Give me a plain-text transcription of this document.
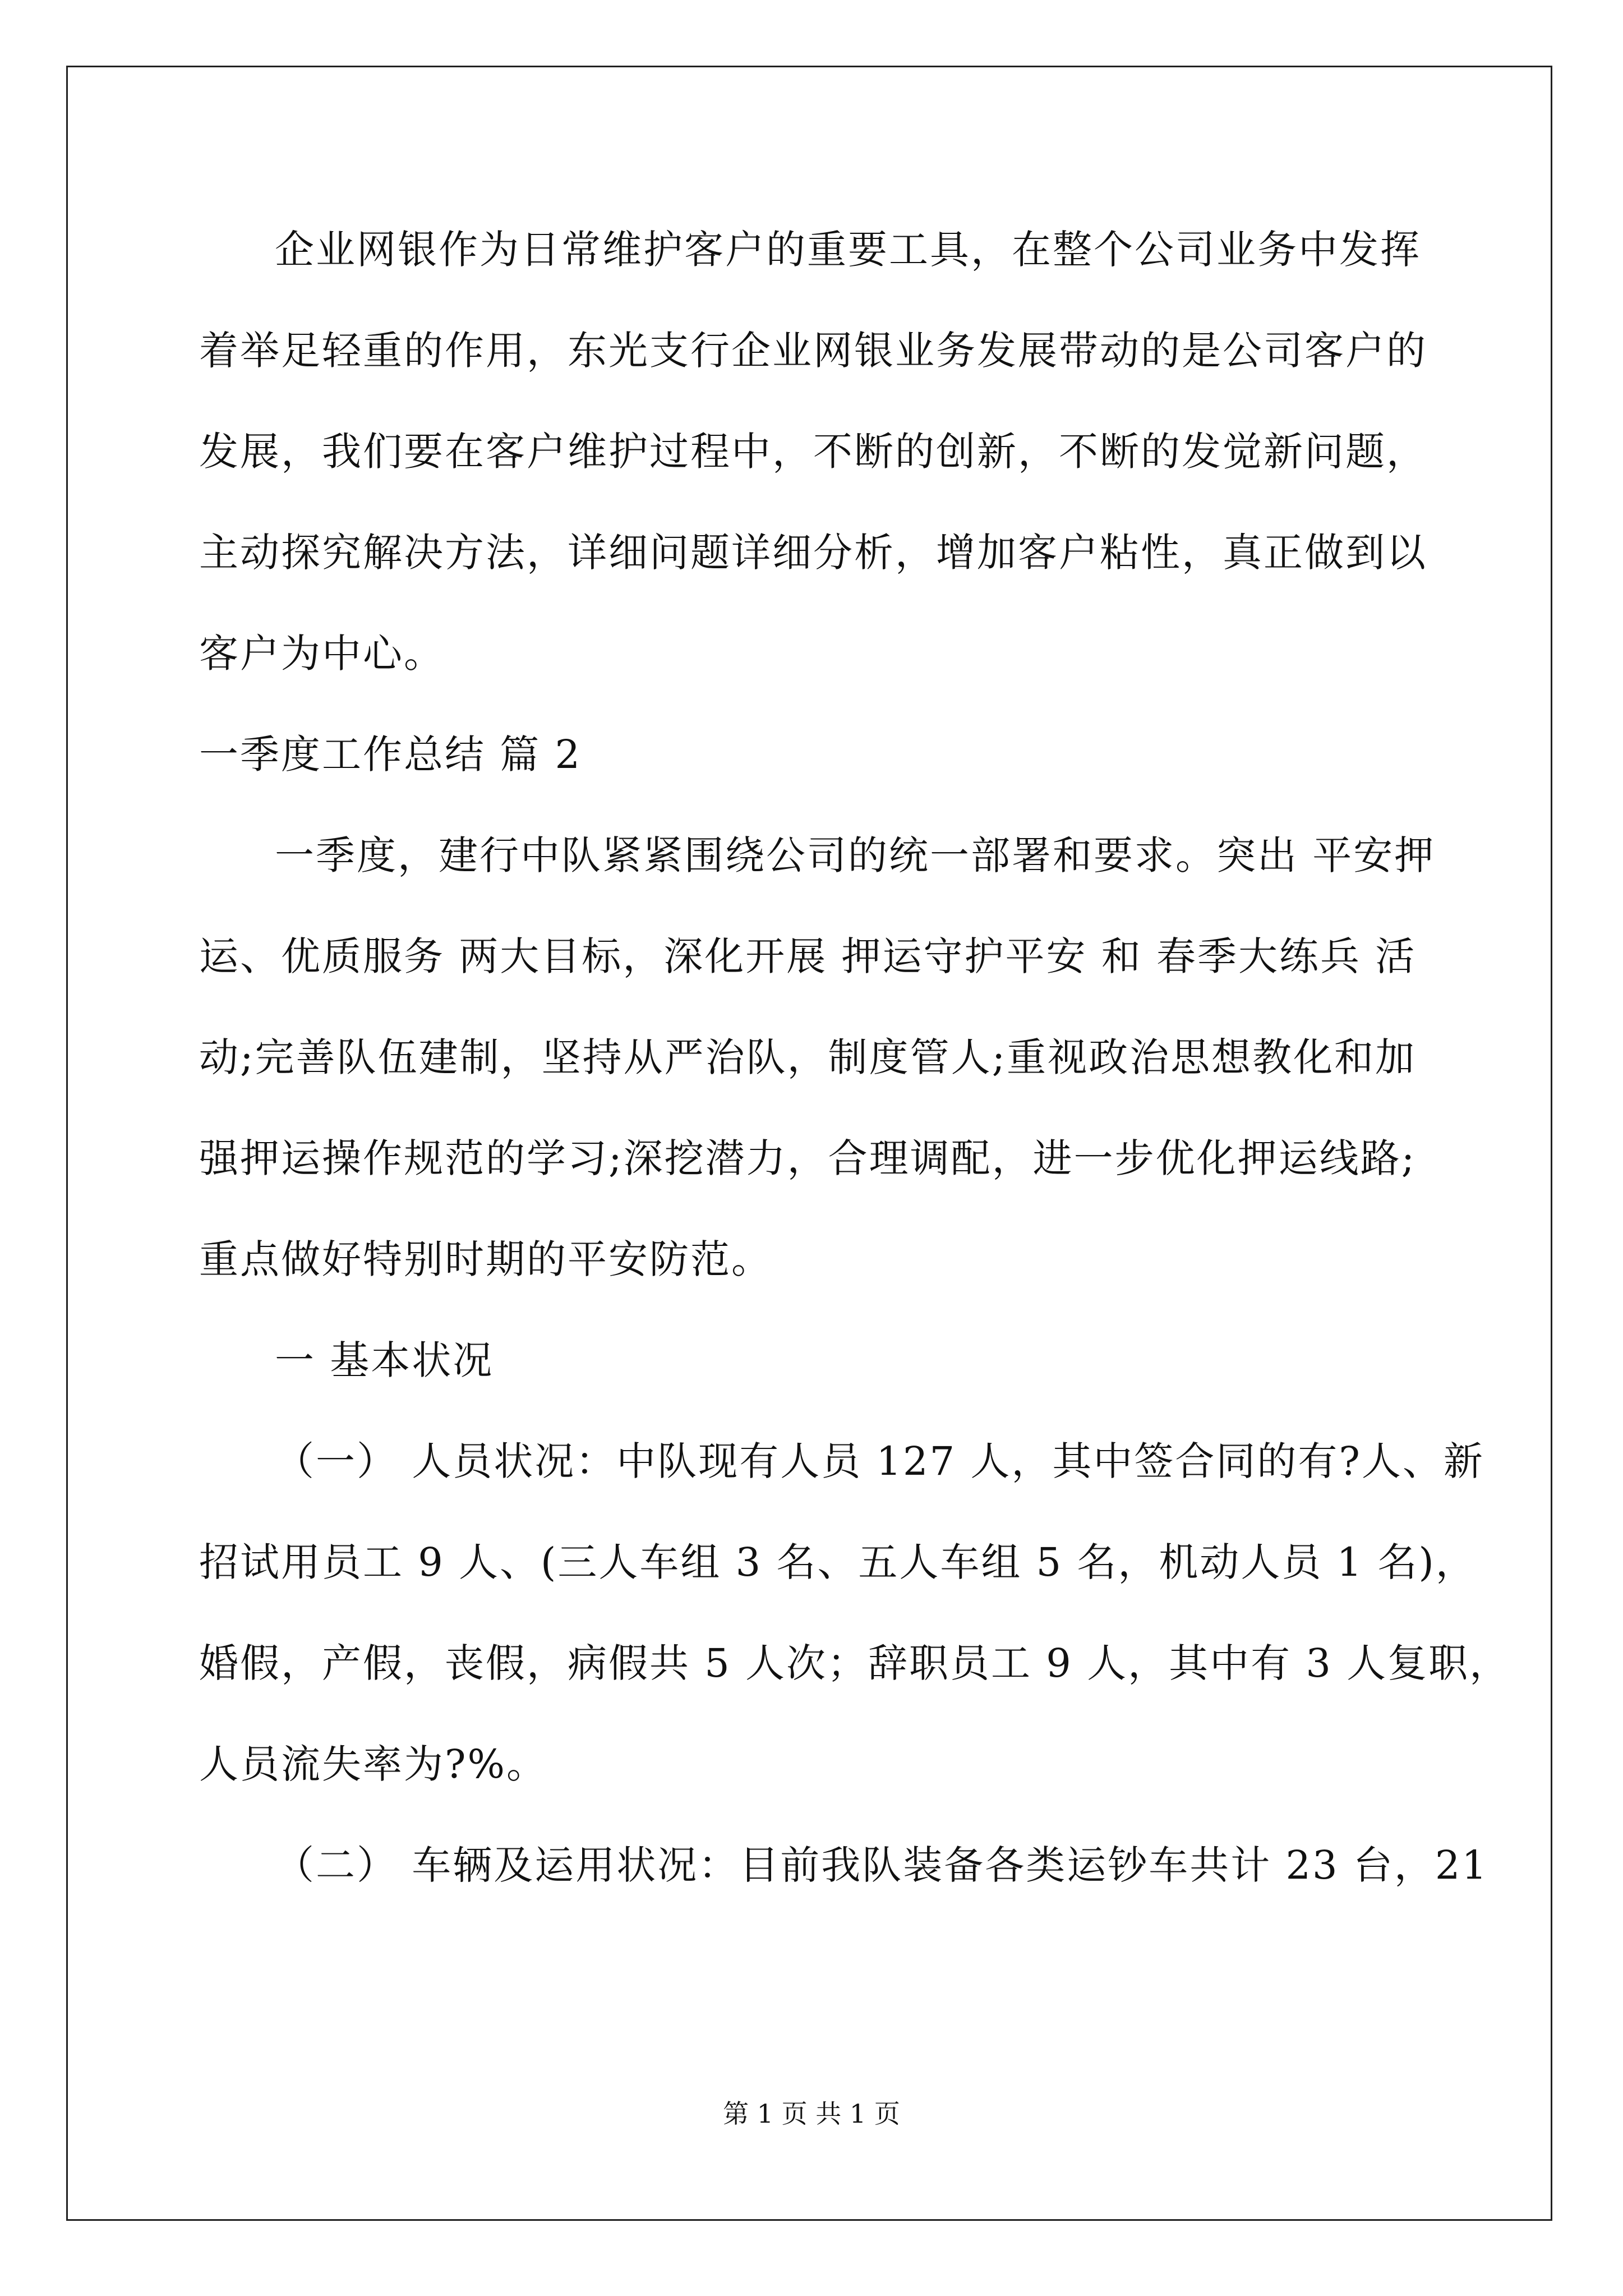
企业网银作为日常维护客户的重要工具，在整个公司业务中发挥

着举足轻重的作用，东光支行企业网银业务发展带动的是公司客户的

发展，我们要在客户维护过程中，不断的创新，不断的发觉新问题，

主动探究解决方法，详细问题详细分析，增加客户粘性，真正做到以

客户为中心。

一季度工作总结 篇 2

一季度，建行中队紧紧围绕公司的统一部署和要求。突出 平安押

运、优质服务 两大目标，深化开展 押运守护平安 和 春季大练兵 活

动;完善队伍建制，坚持从严治队，制度管人;重视政治思想教化和加

强押运操作规范的学习;深挖潜力，合理调配，进一步优化押运线路;

重点做好特别时期的平安防范。

一 基本状况

（一） 人员状况：中队现有人员 127 人，其中签合同的有?人、新

招试用员工 9 人、(三人车组 3 名、五人车组 5 名，机动人员 1 名)，

婚假，产假，丧假，病假共 5 人次；辞职员工 9 人，其中有 3 人复职，

人员流失率为?%。

（二） 车辆及运用状况：目前我队装备各类运钞车共计 23 台，21

第 1 页 共 1 页
